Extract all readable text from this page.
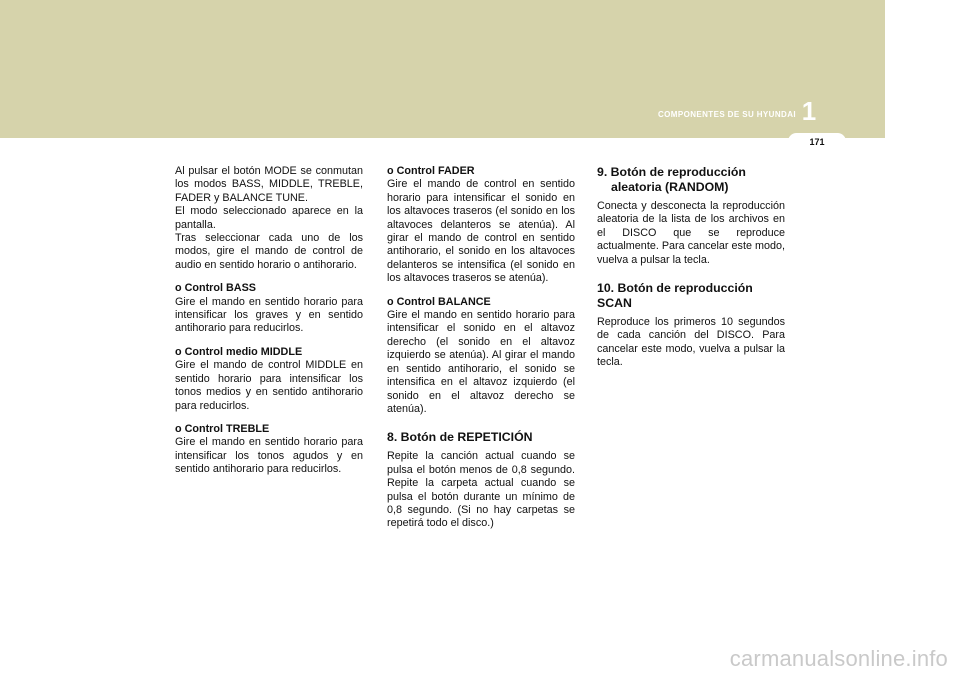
COMPONENTES DE SU HYUNDAI 1
171

Al pulsar el botón MODE se conmutan los modos BASS, MIDDLE, TREBLE, FADER y BALANCE TUNE.
El modo seleccionado aparece en la pantalla.
Tras seleccionar cada uno de los modos, gire el mando de control de audio en sentido horario o antihorario.

o Control BASS
Gire el mando en sentido horario para intensificar los graves y en sentido antihorario para reducirlos.

o Control medio MIDDLE
Gire el mando de control MIDDLE en sentido horario para intensificar los tonos medios y en sentido antihorario para reducirlos.

o Control TREBLE
Gire el mando en sentido horario para intensificar los tonos agudos y en sentido antihorario para reducirlos.

o Control FADER
Gire el mando de control en sentido horario para intensificar el sonido en los altavoces traseros (el sonido en los altavoces delanteros se atenúa). Al girar el mando de control en sentido antihorario, el sonido en los altavoces delanteros se intensifica (el sonido en los altavoces traseros se atenúa).

o Control BALANCE
Gire el mando en sentido horario para intensificar el sonido en el altavoz derecho (el sonido en el altavoz izquierdo se atenúa). Al girar el mando en sentido antihorario, el sonido se intensifica en el altavoz izquierdo (el sonido en el altavoz derecho se atenúa).

8. Botón de REPETICIÓN

Repite la canción actual cuando se pulsa el botón menos de 0,8 segundo. Repite la carpeta actual cuando se pulsa el botón durante un mínimo de 0,8 segundo. (Si no hay carpetas se repetirá todo el disco.)

9. Botón de reproducción aleatoria (RANDOM)

Conecta y desconecta la reproducción aleatoria de la lista de los archivos en el DISCO que se reproduce actualmente. Para cancelar este modo, vuelva a pulsar la tecla.

10. Botón de reproducción SCAN

Reproduce los primeros 10 segundos de cada canción del DISCO. Para cancelar este modo, vuelva a pulsar la tecla.

carmanualsonline.info
